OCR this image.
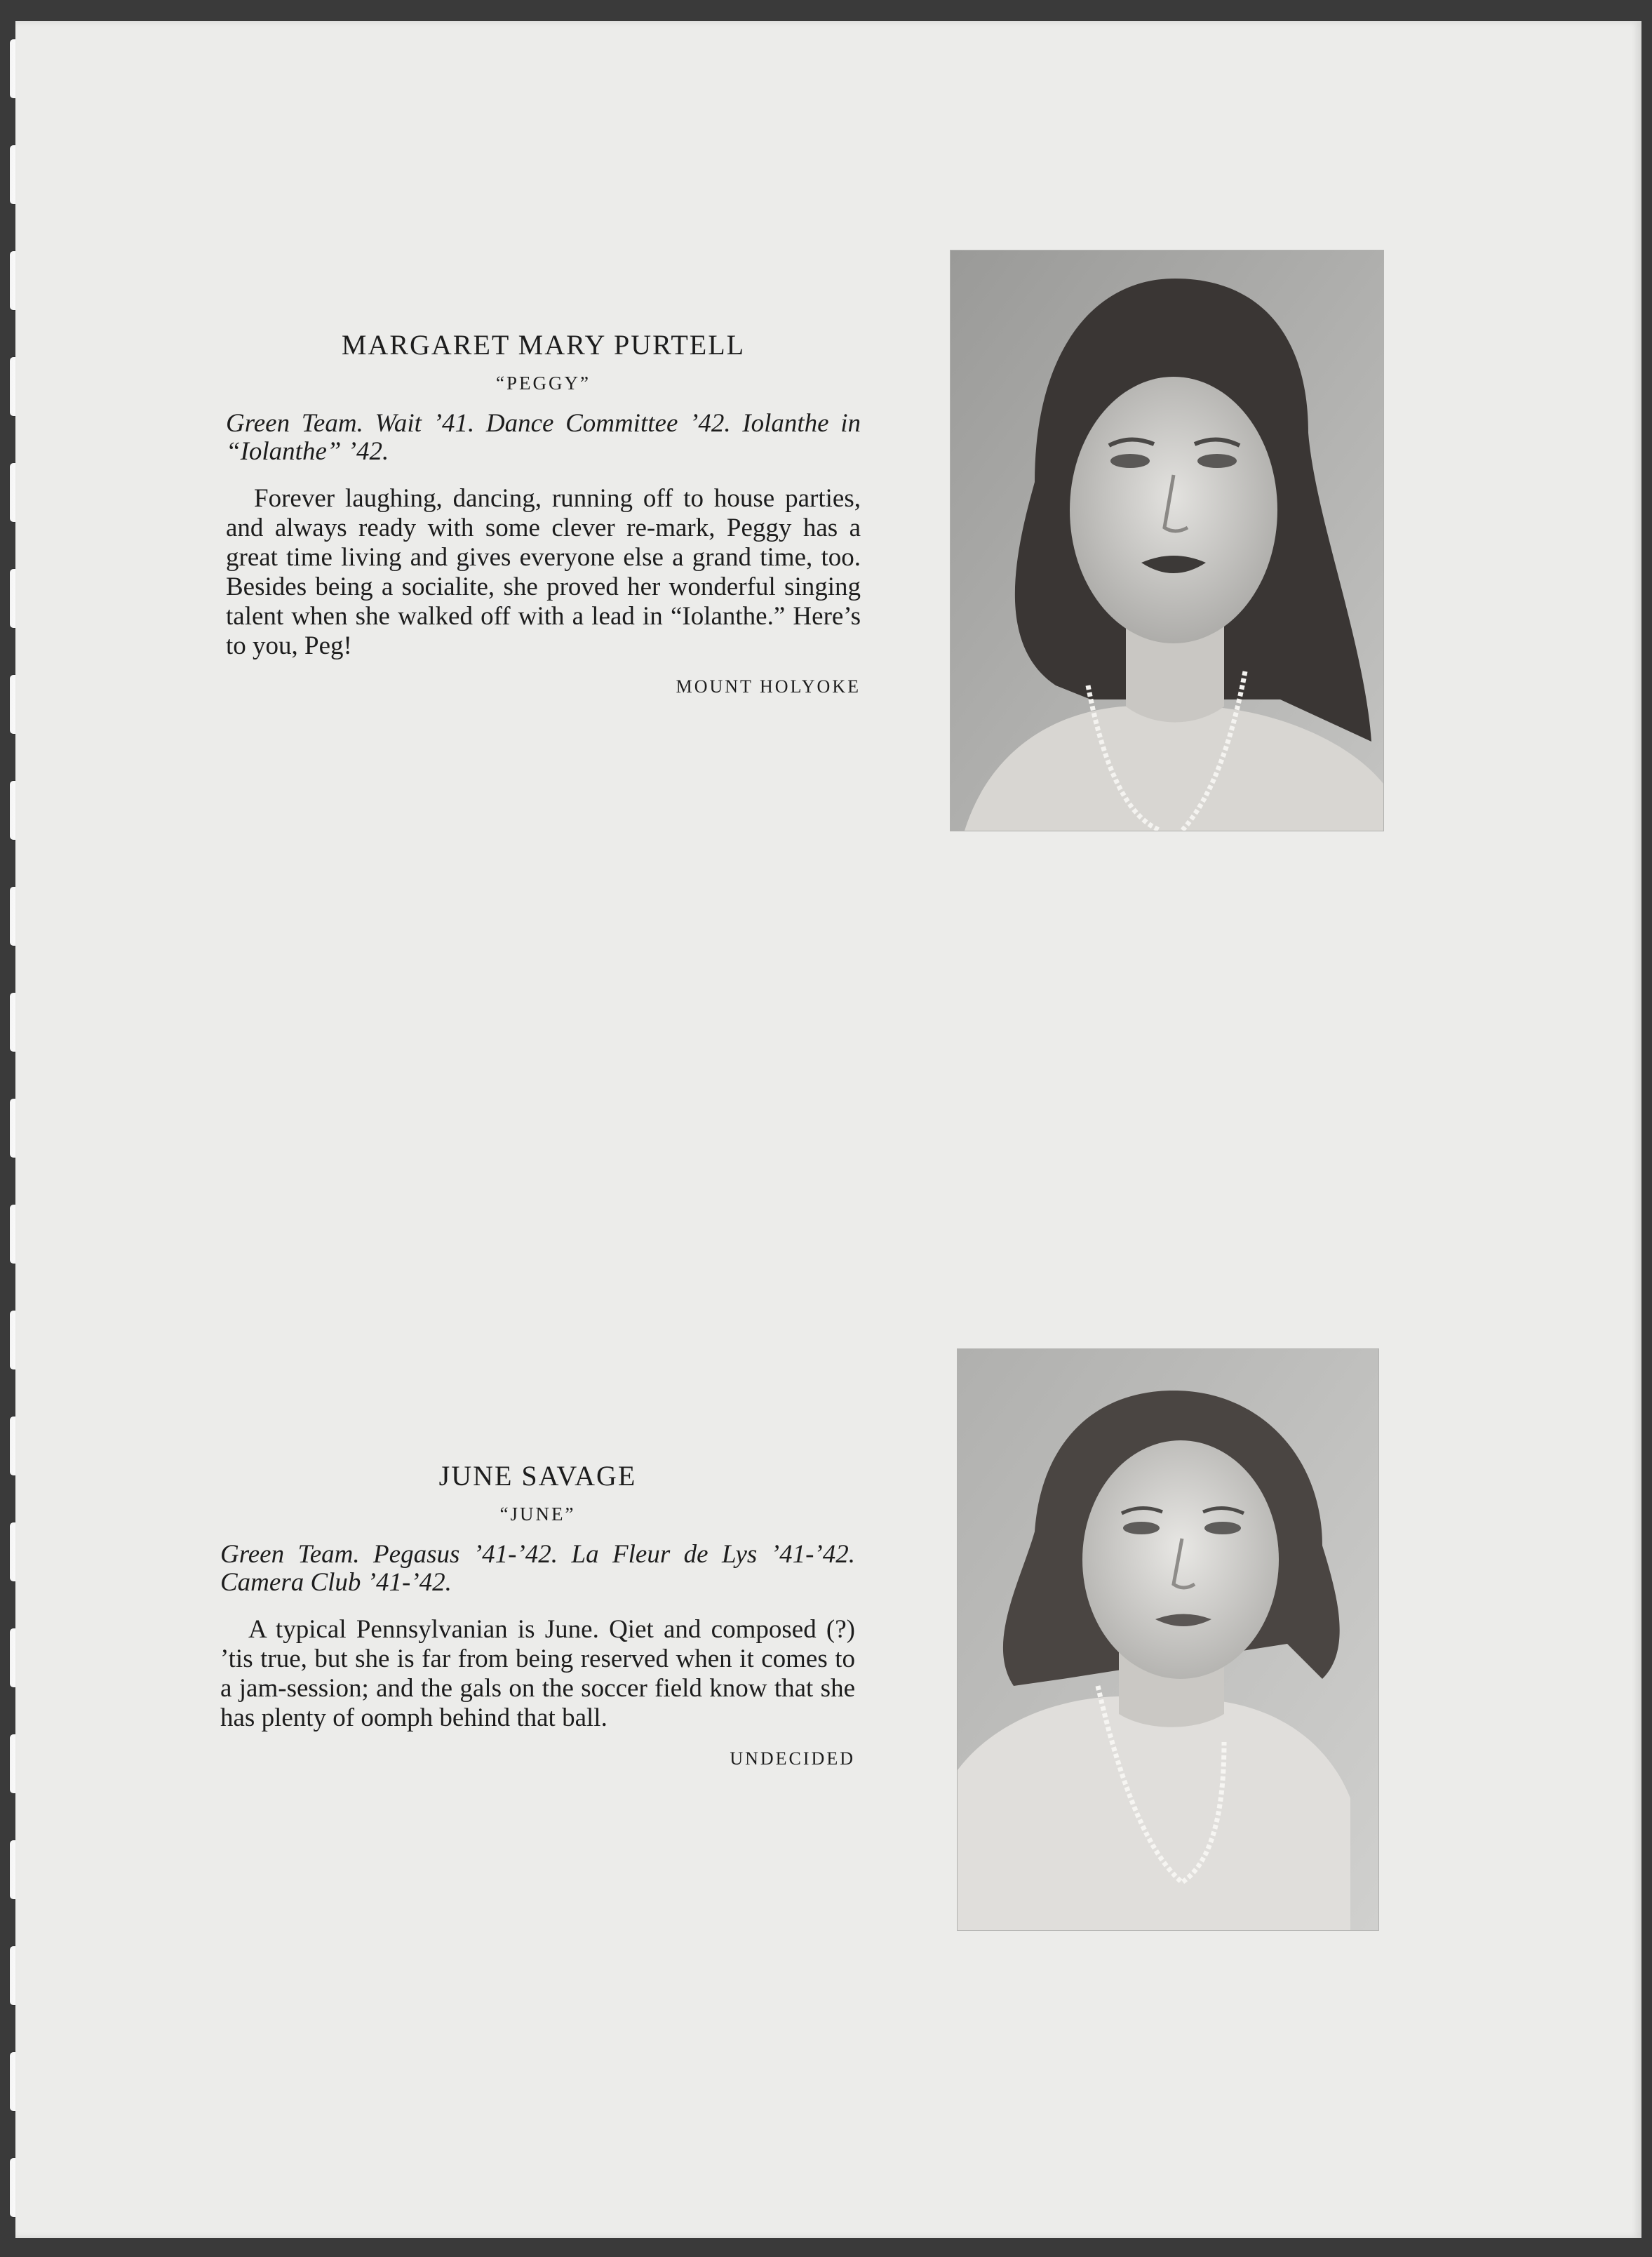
MARGARET MARY PURTELL
“PEGGY”
Green Team. Wait ’41. Dance Committee ’42. Iolanthe in “Iolanthe” ’42.
Forever laughing, dancing, running off to house parties, and always ready with some clever re-mark, Peggy has a great time living and gives everyone else a grand time, too. Besides being a socialite, she proved her wonderful singing talent when she walked off with a lead in “Iolanthe.” Here’s to you, Peg!
MOUNT HOLYOKE
JUNE SAVAGE
“JUNE”
Green Team. Pegasus ’41-’42. La Fleur de Lys ’41-’42. Camera Club ’41-’42.
A typical Pennsylvanian is June. Qiet and composed (?) ’tis true, but she is far from being reserved when it comes to a jam-session; and the gals on the soccer field know that she has plenty of oomph behind that ball.
UNDECIDED
